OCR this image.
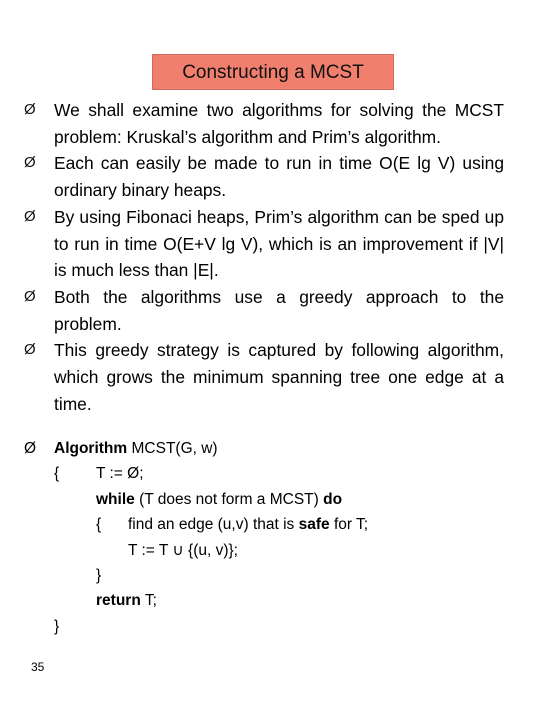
Constructing a MCST
Ø	We shall examine two algorithms for solving the MCST problem: Kruskal’s algorithm and Prim’s algorithm.
Ø	Each can easily be made to run in time O(E lg V) using ordinary binary heaps.
Ø	By using Fibonaci heaps, Prim’s algorithm can be sped up to run in time O(E+V lg V), which is an improvement if |V| is much less than |E|.
Ø	Both the algorithms use a greedy approach to the problem.
Ø	This greedy strategy is captured by following algorithm, which grows the minimum spanning tree one edge at a time.
Ø Algorithm MCST(G, w)
{ T := Ø;
while (T does not form a MCST) do
{ find an edge (u,v) that is safe for T;
T := T ∪ {(u, v)};
}
return T;
}
35
